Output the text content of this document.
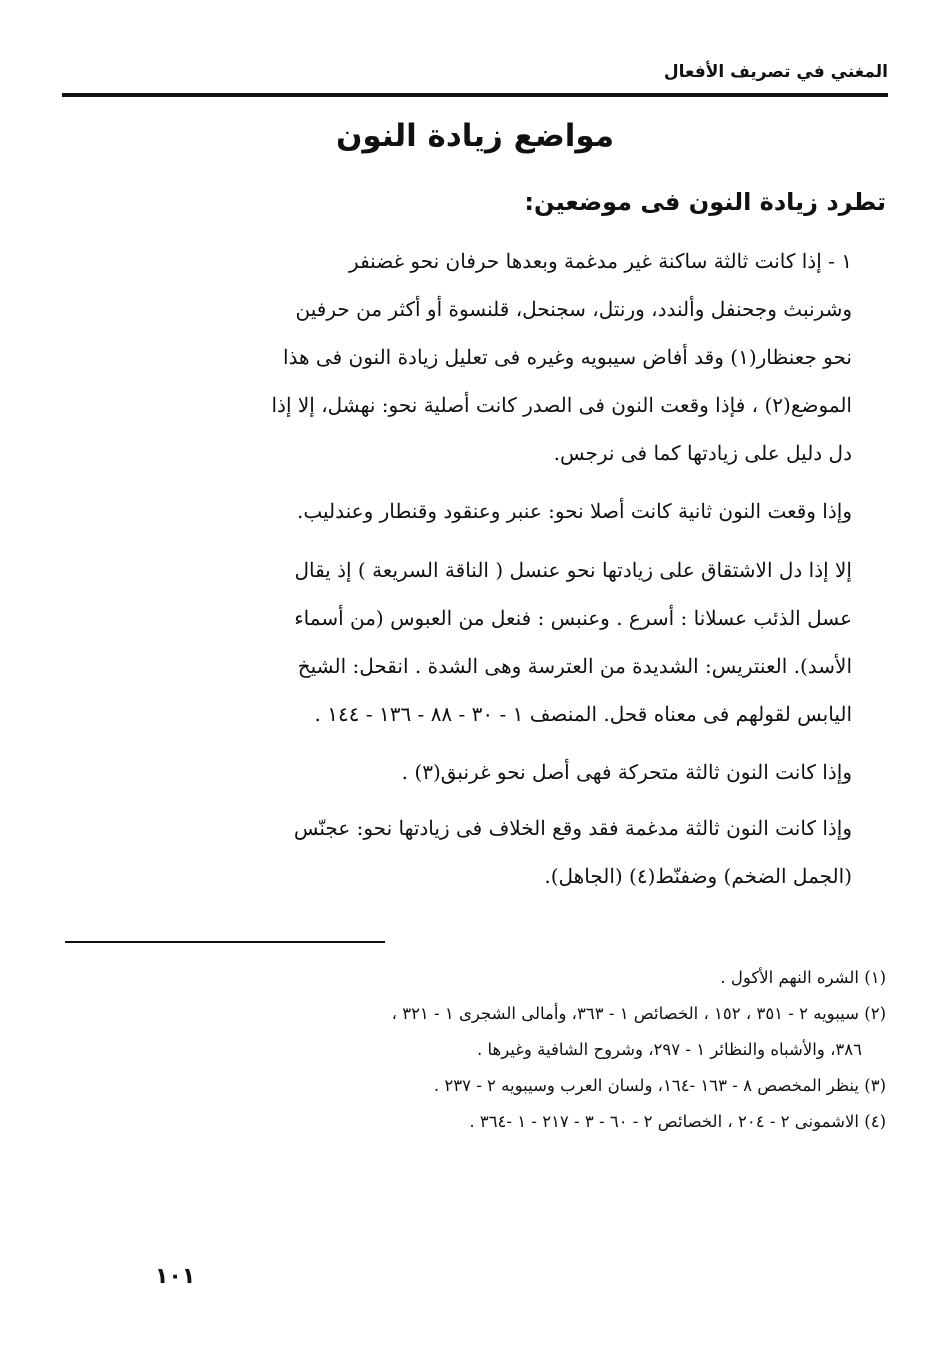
المغني في تصريف الأفعال
مواضع زيادة النون

تطرد زيادة النون فى موضعين:

١ - إذا كانت ثالثة ساكنة غير مدغمة وبعدها حرفان نحو غضنفر
وشرنبث وجحنفل وألندد، ورنتل، سجنحل، قلنسوة أو أكثر من حرفين
نحو جعنظار(١) وقد أفاض سيبويه وغيره فى تعليل زيادة النون فى هذا
الموضع(٢) ، فإذا وقعت النون فى الصدر كانت أصلية نحو: نهشل، إلا إذا
دل دليل على زيادتها كما فى نرجس.

وإذا وقعت النون ثانية كانت أصلا نحو: عنبر وعنقود وقنطار وعندليب.

إلا إذا دل الاشتقاق على زيادتها نحو عنسل ( الناقة السريعة ) إذ يقال
عسل الذئب عسلانا : أسرع . وعنبس : فنعل من العبوس (من أسماء
الأسد). العنتريس: الشديدة من العترسة وهى الشدة . انقحل: الشيخ
اليابس لقولهم فى معناه قحل. المنصف ١ - ٣٠ - ٨٨ - ١٣٦ - ١٤٤ .

وإذا كانت النون ثالثة متحركة فهى أصل نحو غرنبق(٣) .

وإذا كانت النون ثالثة مدغمة فقد وقع الخلاف فى زيادتها نحو: عجنّس
(الجمل الضخم) وضفنّط(٤) (الجاهل).

(١) الشره النهم الأكول .
(٢) سيبويه ٢ - ٣٥١ ، ١٥٢ ، الخصائص ١ - ٣٦٣، وأمالى الشجرى ١ - ٣٢١ ،
٣٨٦، والأشباه والنظائر ١ - ٢٩٧، وشروح الشافية وغيرها .
(٣) ينظر المخصص ٨ - ١٦٣ -١٦٤، ولسان العرب وسيبويه ٢ - ٢٣٧ .
(٤) الاشمونى ٢ - ٢٠٤ ، الخصائص ٢ - ٦٠ - ٣ - ٢١٧ - ١ -٣٦٤ .
١٠١
